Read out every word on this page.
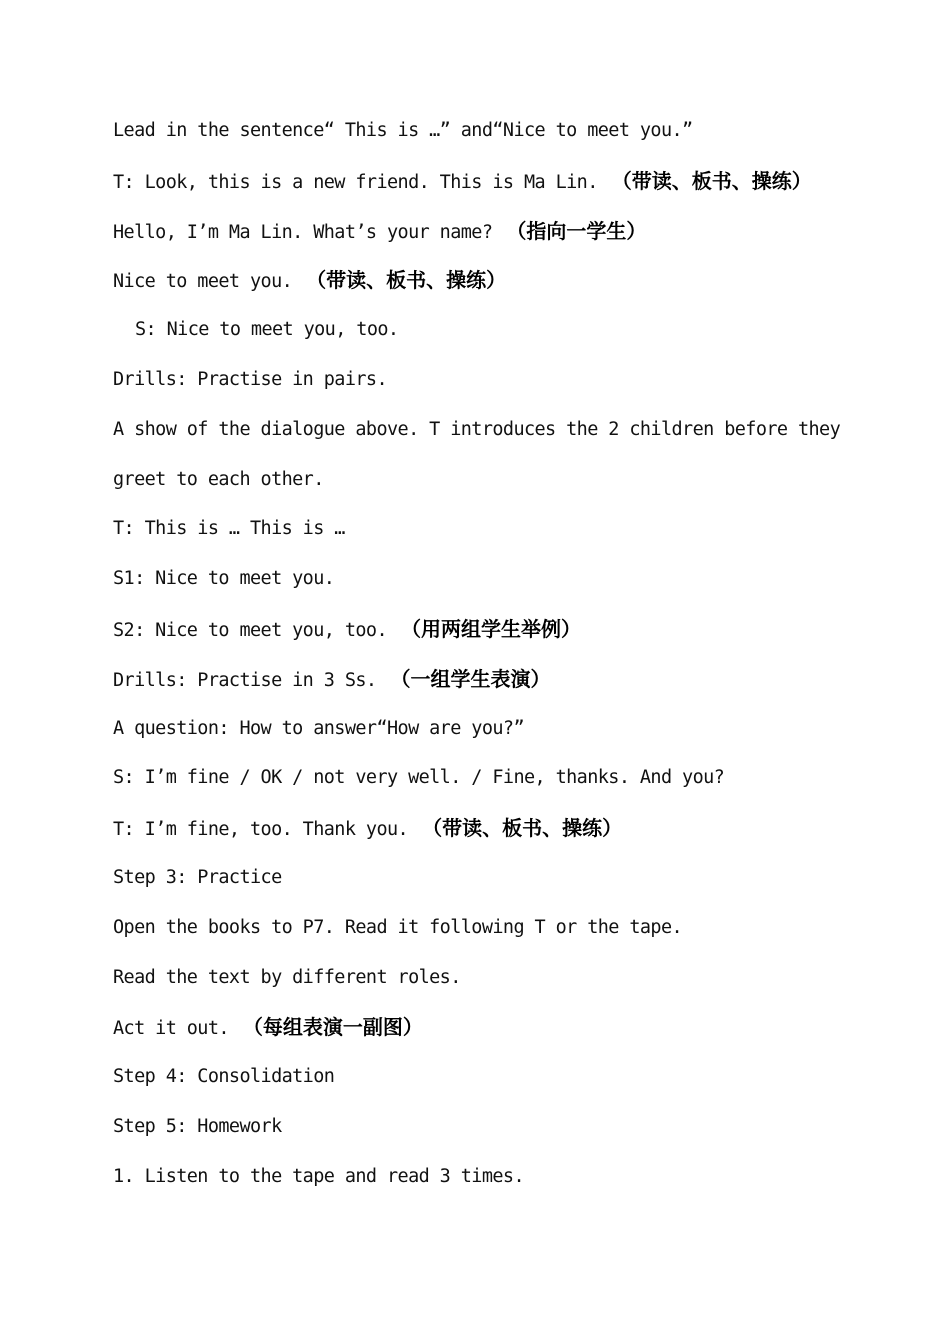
Lead in the sentence“ This is …” and“Nice to meet you.”
T: Look, this is a new friend. This is Ma Lin. （带读、板书、操练）
Hello, I’m Ma Lin. What’s your name? （指向一学生）
Nice to meet you. （带读、板书、操练）
S: Nice to meet you, too.
Drills: Practise in pairs.
A show of the dialogue above. T introduces the 2 children before they
greet to each other.
T: This is … This is …
S1: Nice to meet you.
S2: Nice to meet you, too. （用两组学生举例）
Drills: Practise in 3 Ss. （一组学生表演）
A question: How to answer“How are you?”
S: I’m fine / OK / not very well. / Fine, thanks. And you?
T: I’m fine, too. Thank you. （带读、板书、操练）
Step 3: Practice
Open the books to P7. Read it following T or the tape.
Read the text by different roles.
Act it out. （每组表演一副图）
Step 4: Consolidation
Step 5: Homework
1. Listen to the tape and read 3 times.
